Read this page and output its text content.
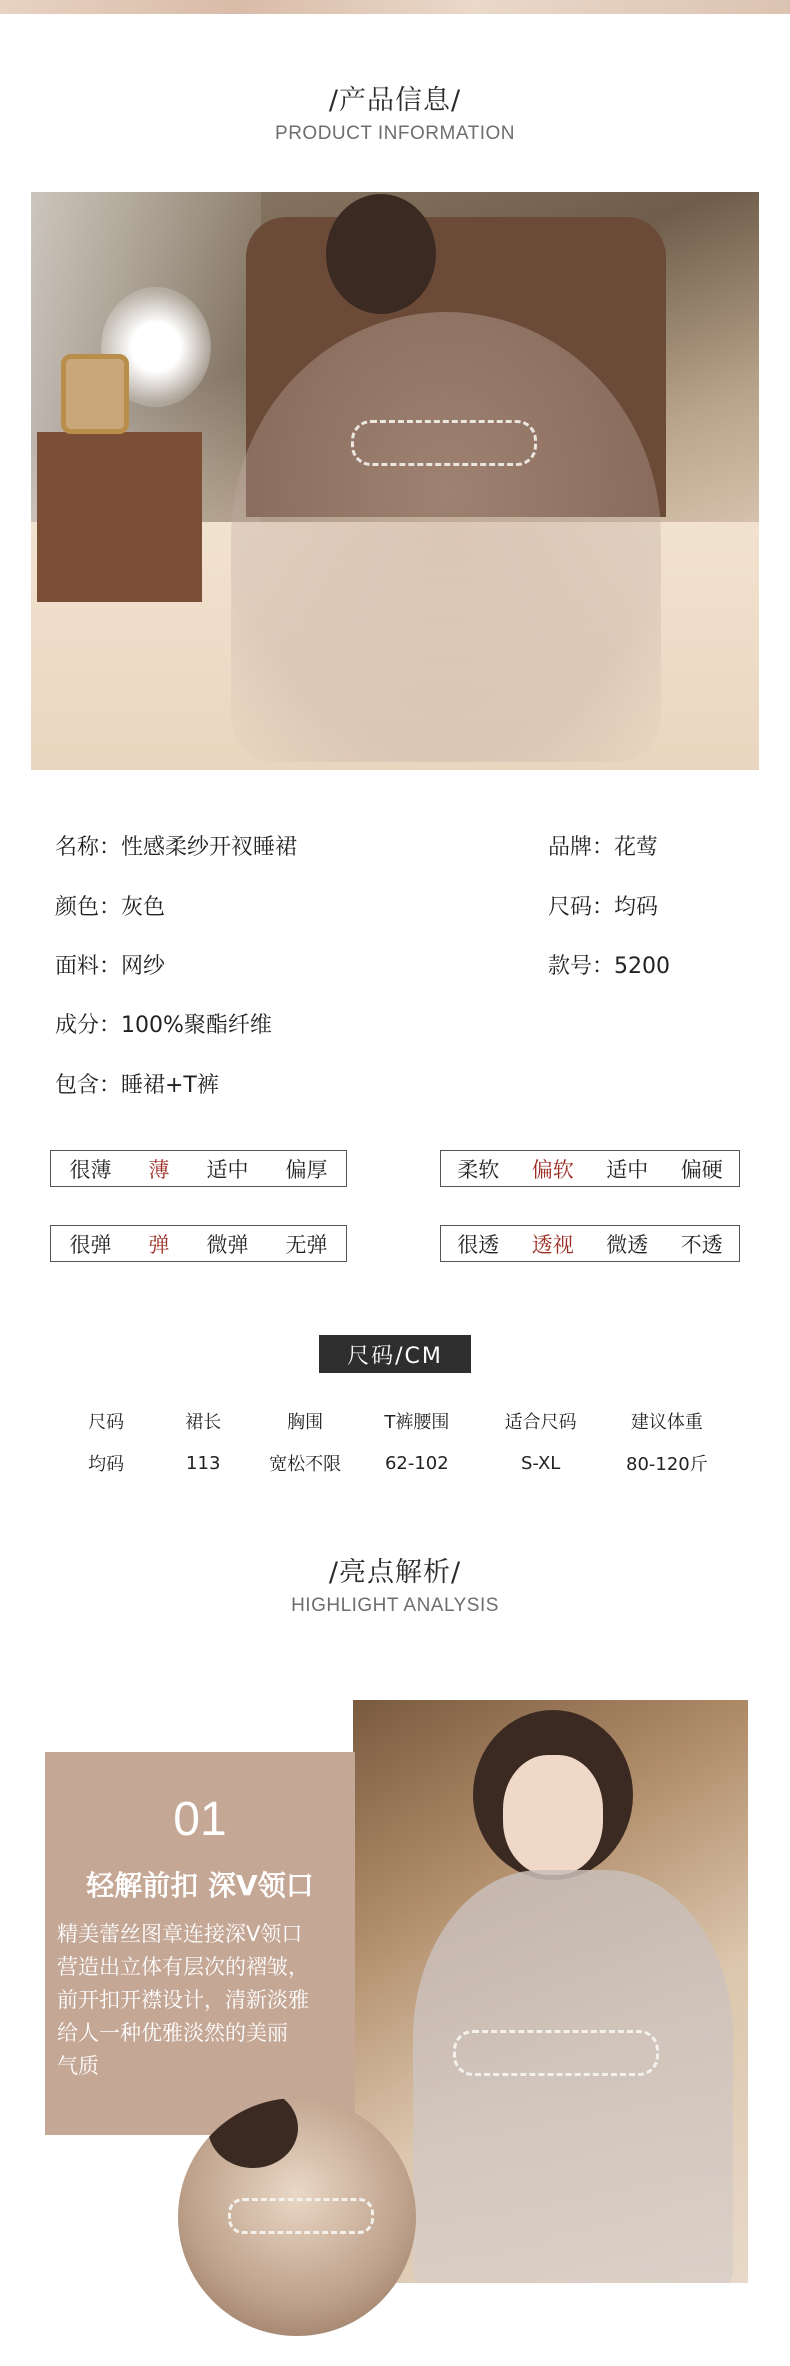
/产品信息/
PRODUCT INFORMATION
名称：性感柔纱开衩睡裙	品牌：花莺
颜色：灰色	尺码：均码
面料：网纱	款号：5200
成分：100%聚酯纤维
包含：睡裙+T裤
很薄 薄 适中 偏厚	柔软 偏软 适中 偏硬
很弹 弹 微弹 无弹	很透 透视 微透 不透
尺码/CM
尺码	裙长	胸围	T裤腰围	适合尺码	建议体重
均码	113	宽松不限	62-102	S-XL	80-120斤
/亮点解析/
HIGHLIGHT ANALYSIS
01
轻解前扣 深V领口
精美蕾丝图章连接深V领口
营造出立体有层次的褶皱，
前开扣开襟设计，清新淡雅
给人一种优雅淡然的美丽
气质
